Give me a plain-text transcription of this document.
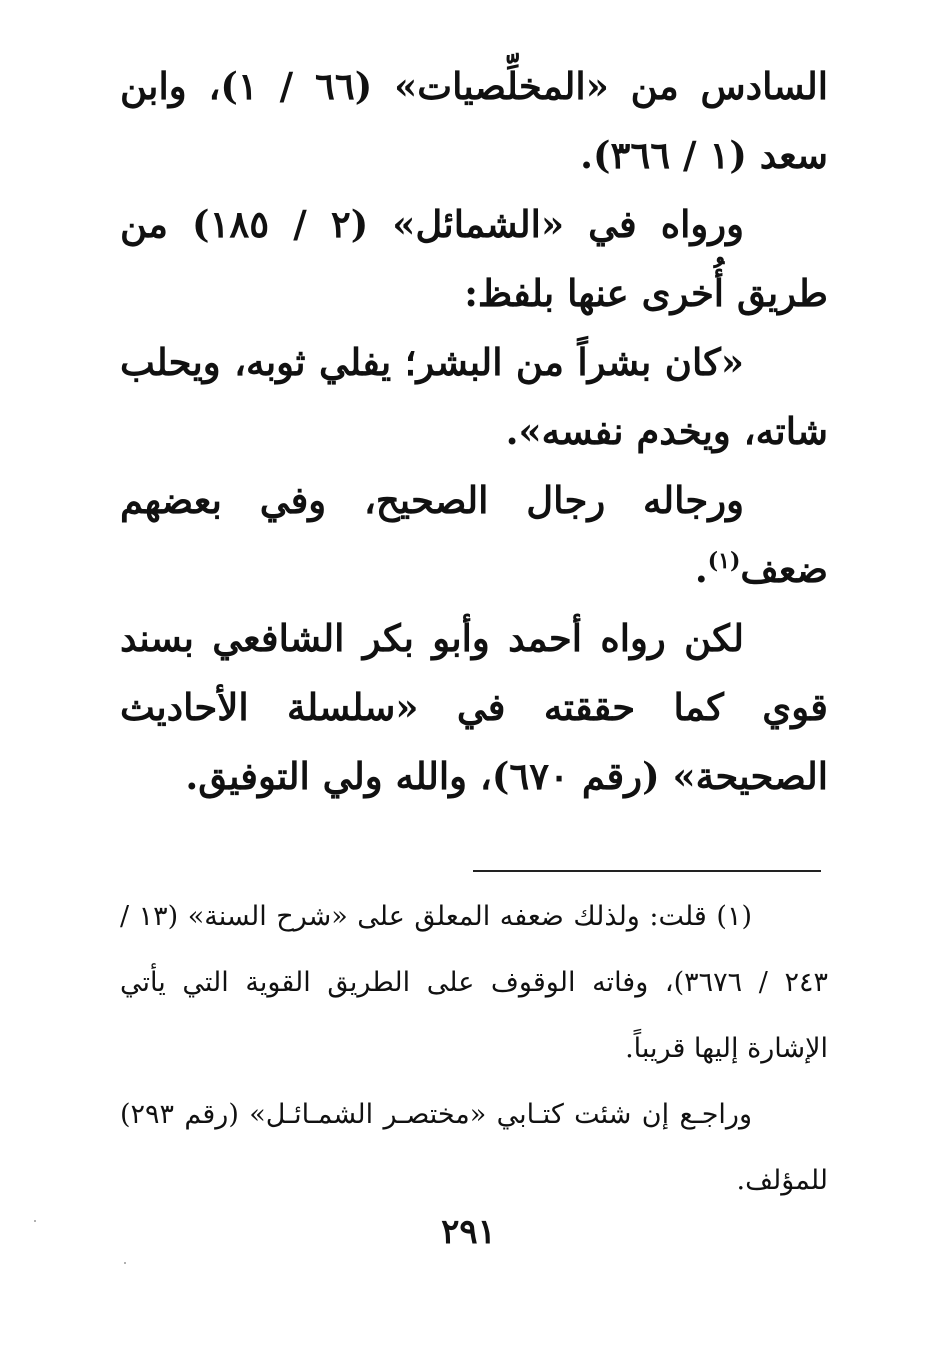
السادس من «المخلِّصيات» (٦٦ / ١)، وابن سعد (١ / ٣٦٦).

ورواه في «الشمائل» (٢ / ١٨٥) من طريق أُخرى عنها بلفظ:

«كان بشراً من البشر؛ يفلي ثوبه، ويحلب شاته، ويخدم نفسه».

ورجاله رجال الصحيح، وفي بعضهم ضعف$^{(١)}$.

لكن رواه أحمد وأبو بكر الشافعي بسند قوي كما حققته في «سلسلة الأحاديث الصحيحة» (رقم ٦٧٠)، والله ولي التوفيق.

(١) قلت: ولذلك ضعفه المعلق على «شرح السنة» (١٣ / ٢٤٣ / ٣٦٧٦)، وفاته الوقوف على الطريق القوية التي يأتي الإشارة إليها قريباً.

وراجـع إن شئت كتـابي «مختصـر الشمـائـل» (رقم ٢٩٣) للمؤلف.

٢٩١
